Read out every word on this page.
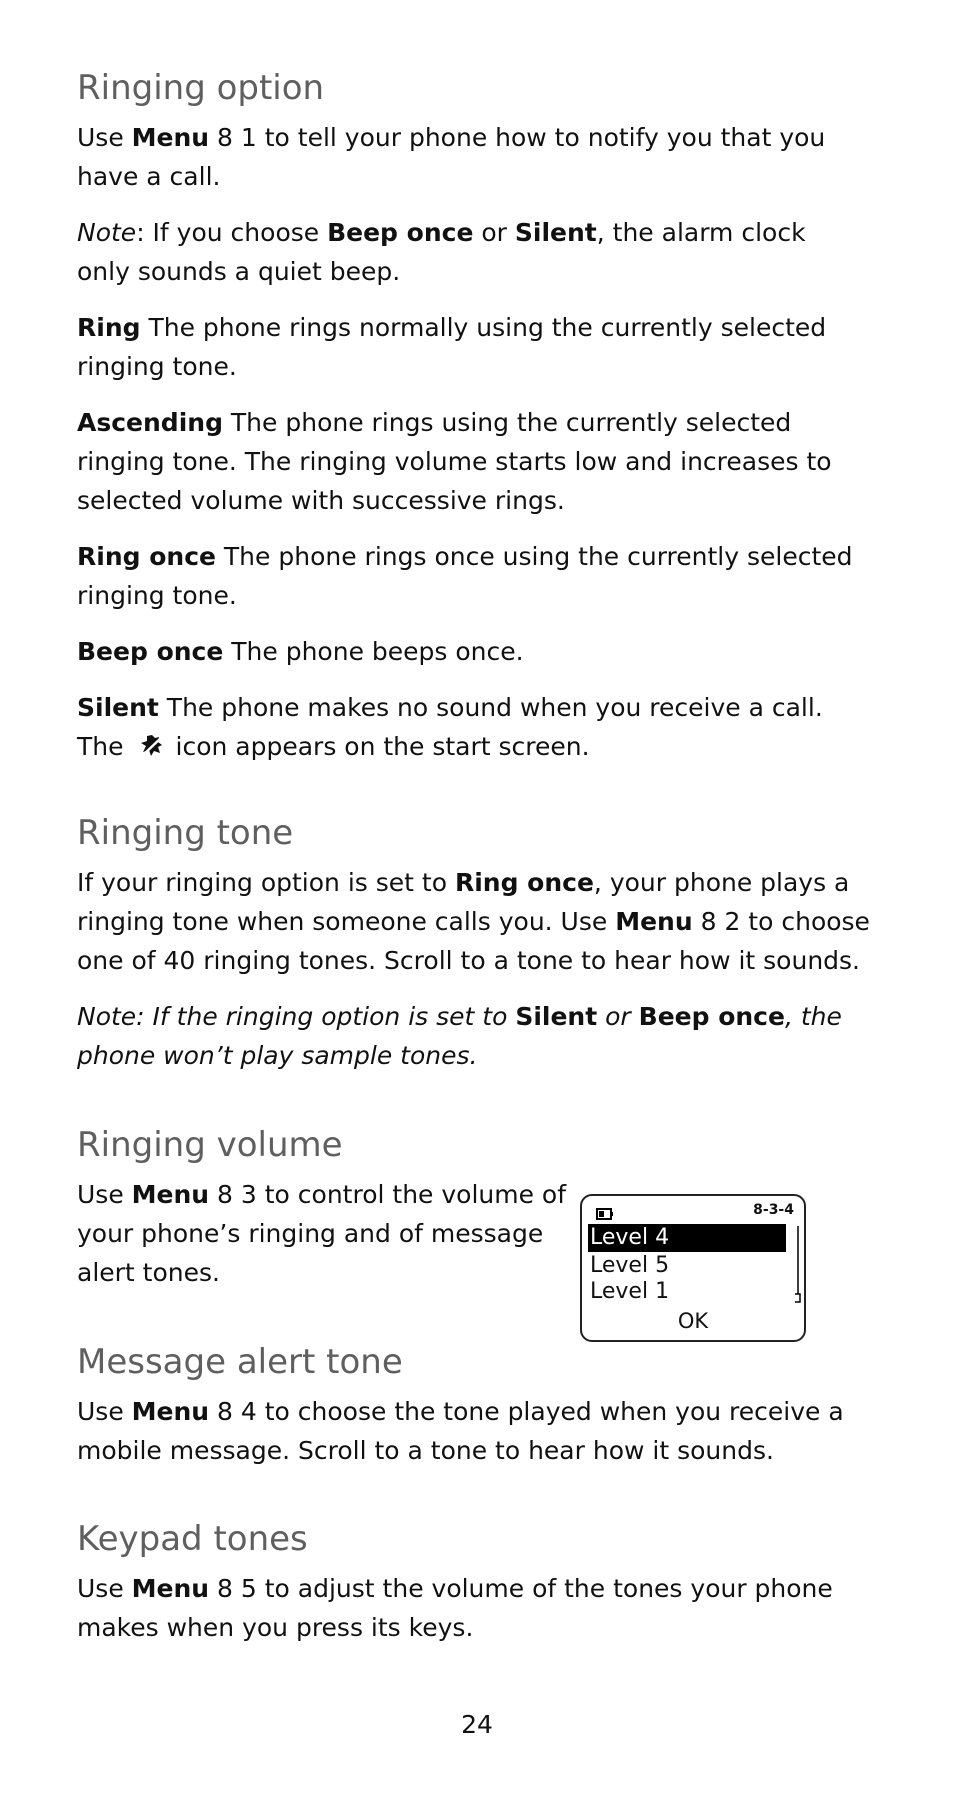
Ringing option

Use Menu 8 1 to tell your phone how to notify you that you

have a call.

Note: If you choose Beep once or Silent, the alarm clock

only sounds a quiet beep.

Ring The phone rings normally using the currently selected

ringing tone.

Ascending The phone rings using the currently selected

ringing tone. The ringing volume starts low and increases to

selected volume with successive rings.

Ring once The phone rings once using the currently selected

ringing tone.

Beep once The phone beeps once.

Silent The phone makes no sound when you receive a call.

The icon appears on the start screen.

Ringing tone

If your ringing option is set to Ring once, your phone plays a

ringing tone when someone calls you. Use Menu 8 2 to choose

one of 40 ringing tones. Scroll to a tone to hear how it sounds.

Note: If the ringing option is set to Silent or Beep once, the

phone won’t play sample tones.

Ringing volume

Use Menu 8 3 to control the volume of

your phone’s ringing and of message

alert tones.

Message alert tone

Use Menu 8 4 to choose the tone played when you receive a

mobile message. Scroll to a tone to hear how it sounds.

Keypad tones

Use Menu 8 5 to adjust the volume of the tones your phone

makes when you press its keys.

8-3-4
Level 4
Level 5
Level 1
OK
24
